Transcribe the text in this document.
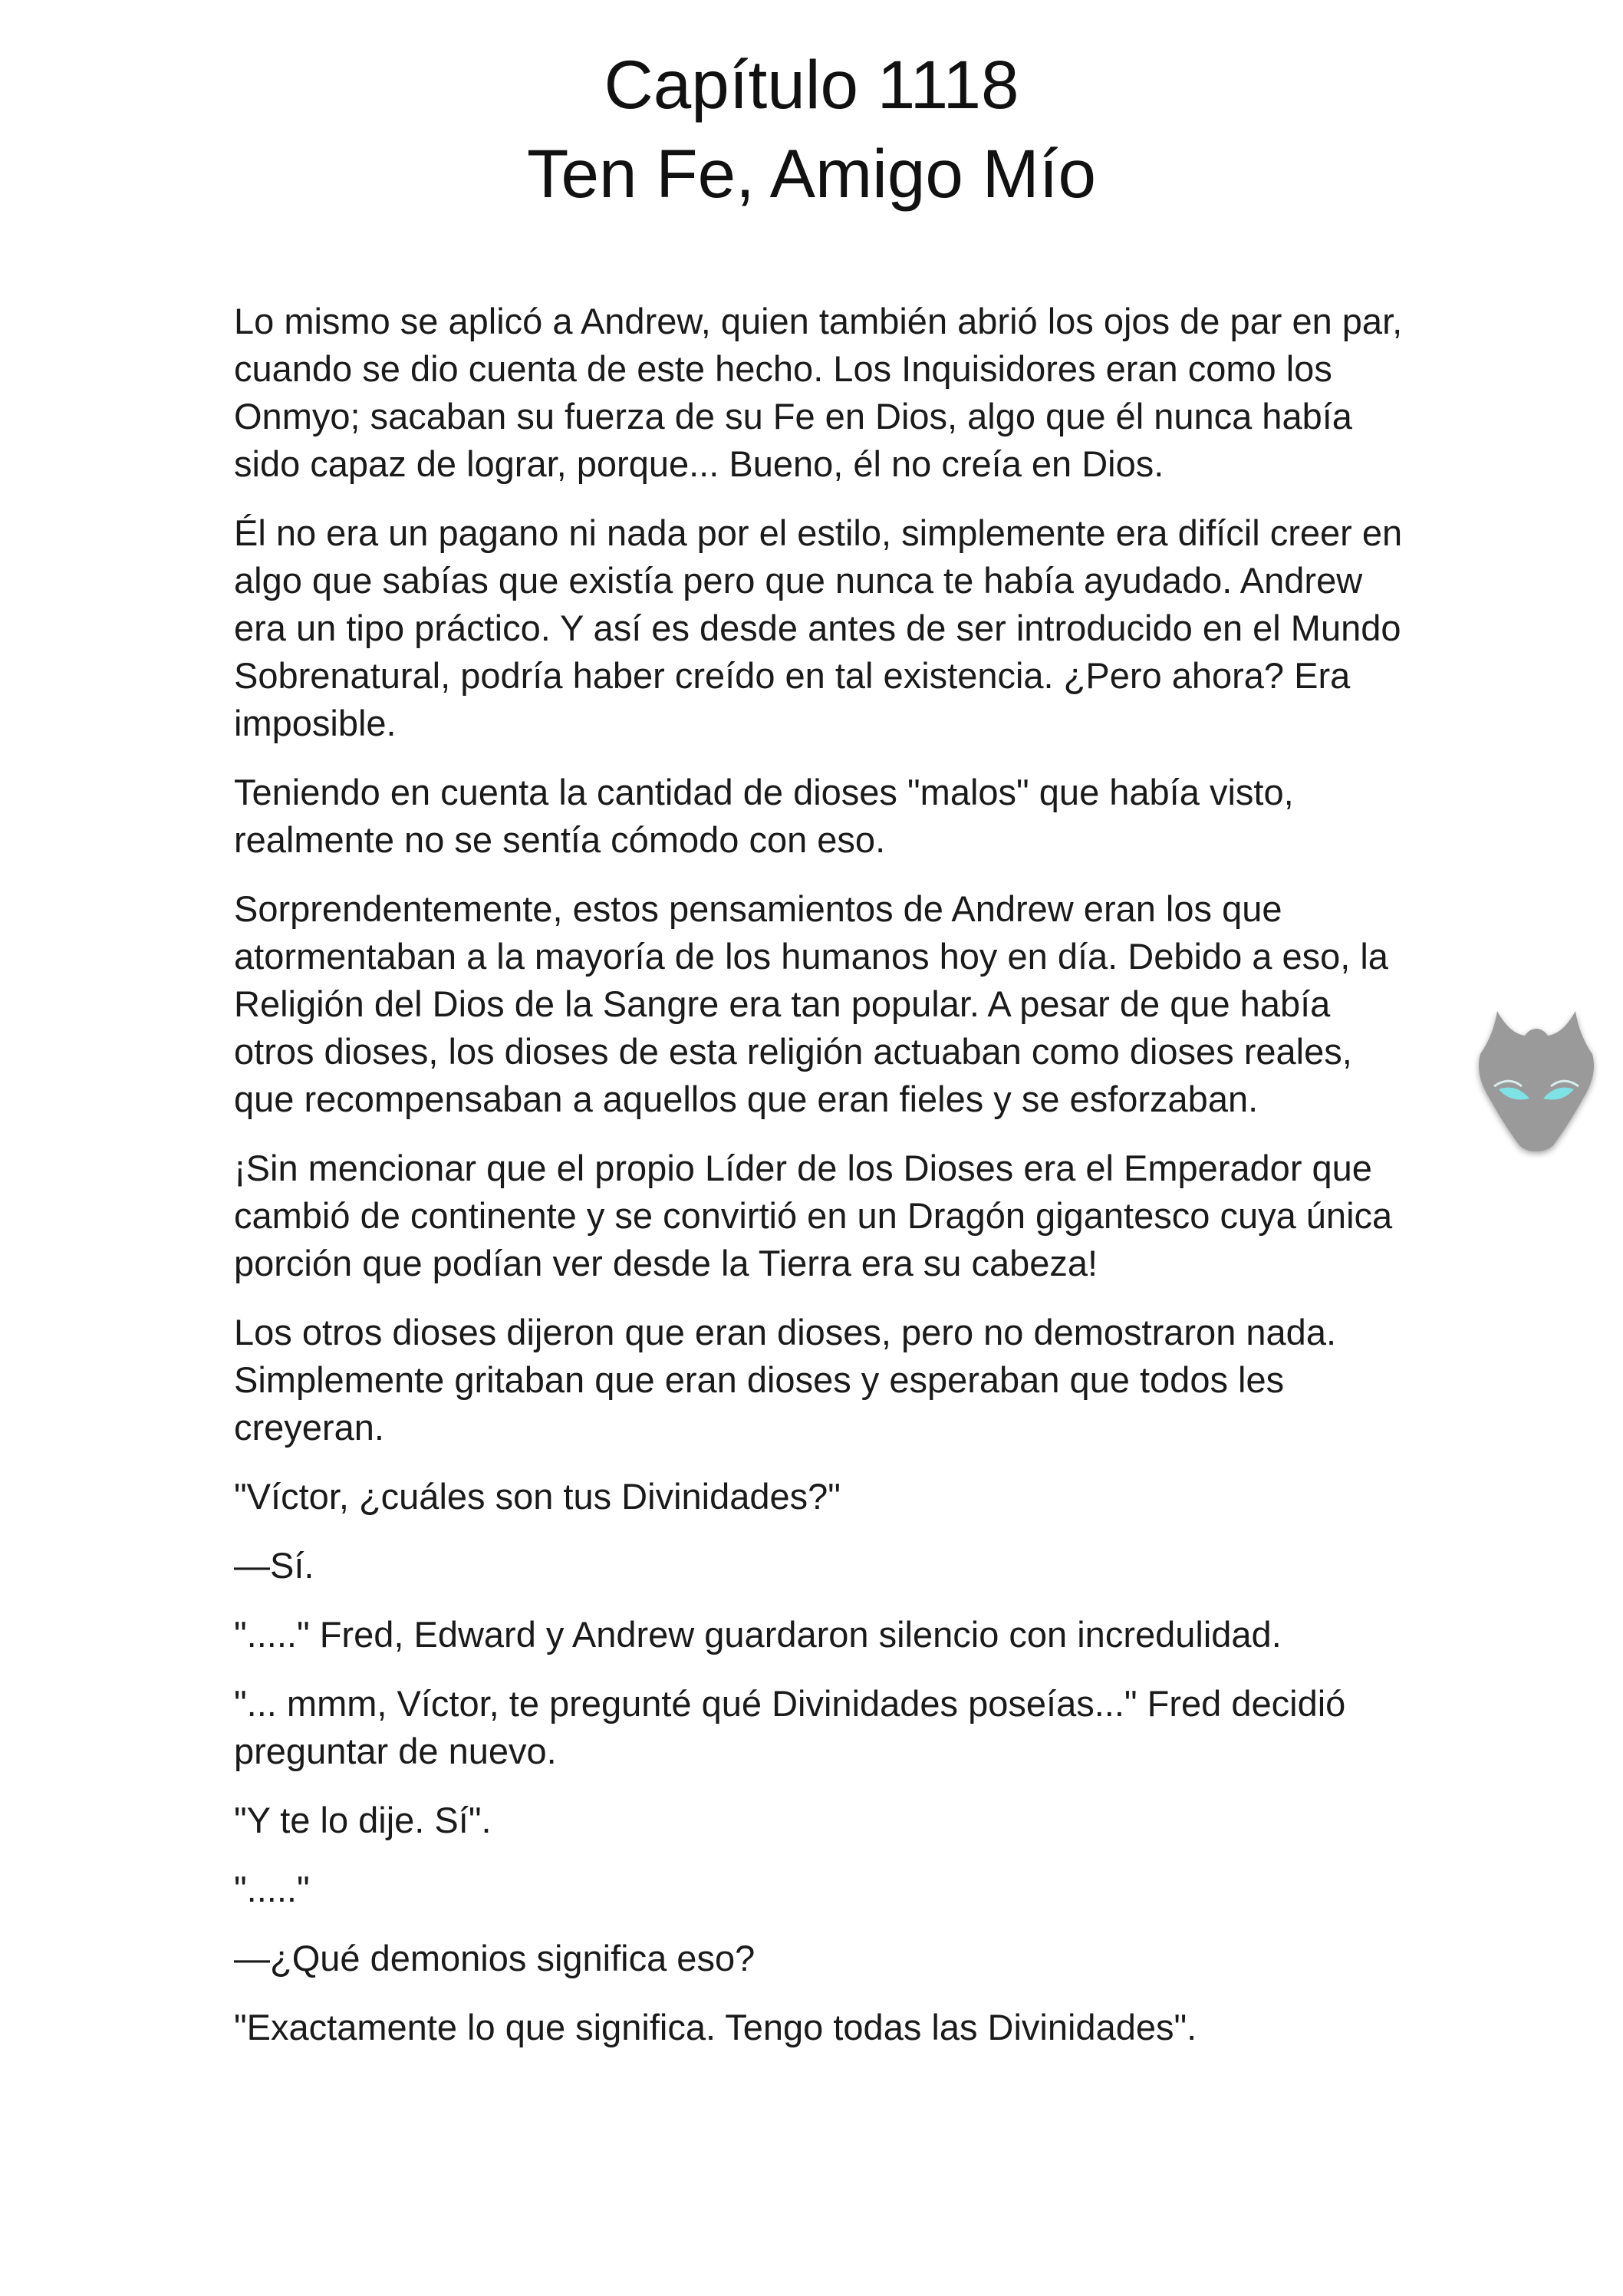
Capítulo 1118
Ten Fe, Amigo Mío

Lo mismo se aplicó a Andrew, quien también abrió los ojos de par en par, cuando se dio cuenta de este hecho. Los Inquisidores eran como los Onmyo; sacaban su fuerza de su Fe en Dios, algo que él nunca había sido capaz de lograr, porque... Bueno, él no creía en Dios.

Él no era un pagano ni nada por el estilo, simplemente era difícil creer en algo que sabías que existía pero que nunca te había ayudado. Andrew era un tipo práctico. Y así es desde antes de ser introducido en el Mundo Sobrenatural, podría haber creído en tal existencia. ¿Pero ahora? Era imposible.

Teniendo en cuenta la cantidad de dioses "malos" que había visto, realmente no se sentía cómodo con eso.

Sorprendentemente, estos pensamientos de Andrew eran los que atormentaban a la mayoría de los humanos hoy en día. Debido a eso, la Religión del Dios de la Sangre era tan popular. A pesar de que había otros dioses, los dioses de esta religión actuaban como dioses reales, que recompensaban a aquellos que eran fieles y se esforzaban.

¡Sin mencionar que el propio Líder de los Dioses era el Emperador que cambió de continente y se convirtió en un Dragón gigantesco cuya única porción que podían ver desde la Tierra era su cabeza!

Los otros dioses dijeron que eran dioses, pero no demostraron nada. Simplemente gritaban que eran dioses y esperaban que todos les creyeran.

"Víctor, ¿cuáles son tus Divinidades?"

—Sí.

"....." Fred, Edward y Andrew guardaron silencio con incredulidad.

"... mmm, Víctor, te pregunté qué Divinidades poseías..." Fred decidió preguntar de nuevo.

"Y te lo dije. Sí".

"....."

—¿Qué demonios significa eso?

"Exactamente lo que significa. Tengo todas las Divinidades".
